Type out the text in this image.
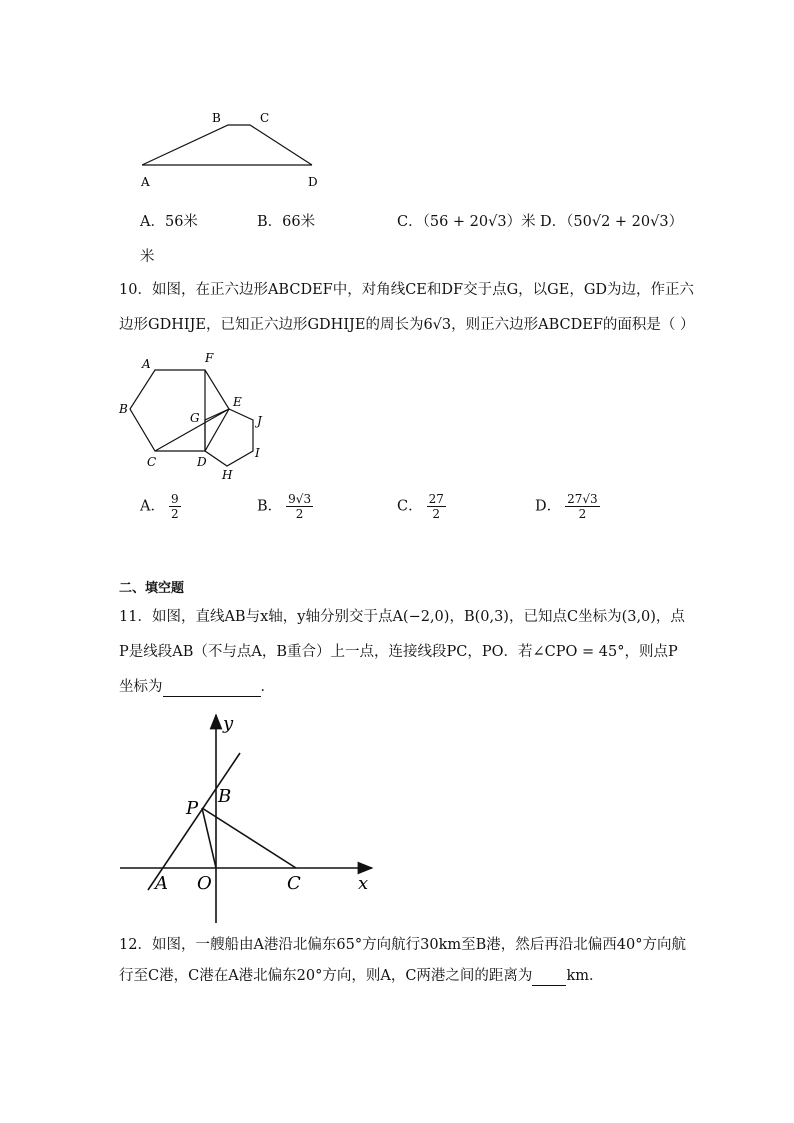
B	C
A	D
A．56米	B．66米	C．（56 + 20√3）米 D．（50√2 + 20√3）
米
10．如图，在正六边形ABCDEF中，对角线CE和DF交于点G，以GE，GD为边，作正六
边形GDHIJE，已知正六边形GDHIJE的周长为6√3，则正六边形ABCDEF的面积是（ ）
A	F
B	E
G	J
C	D
I
H
A． $\frac{9}{2}$	B． $\frac{9√3}{2}$	C． $\frac{27}{2}$	D． $\frac{27√3}{2}$
二、填空题
11．如图，直线AB与x轴，y轴分别交于点A(−2,0)，B(0,3)，已知点C坐标为(3,0)，点
P是线段AB（不与点A，B重合）上一点，连接线段PC，PO．若∠CPO = 45°，则点P
坐标为	．
y
x
P
B
A O	C
12．如图，一艘船由A港沿北偏东65°方向航行30km至B港，然后再沿北偏西40°方向航
行至C港，C港在A港北偏东20°方向，则A，C两港之间的距离为 km．
